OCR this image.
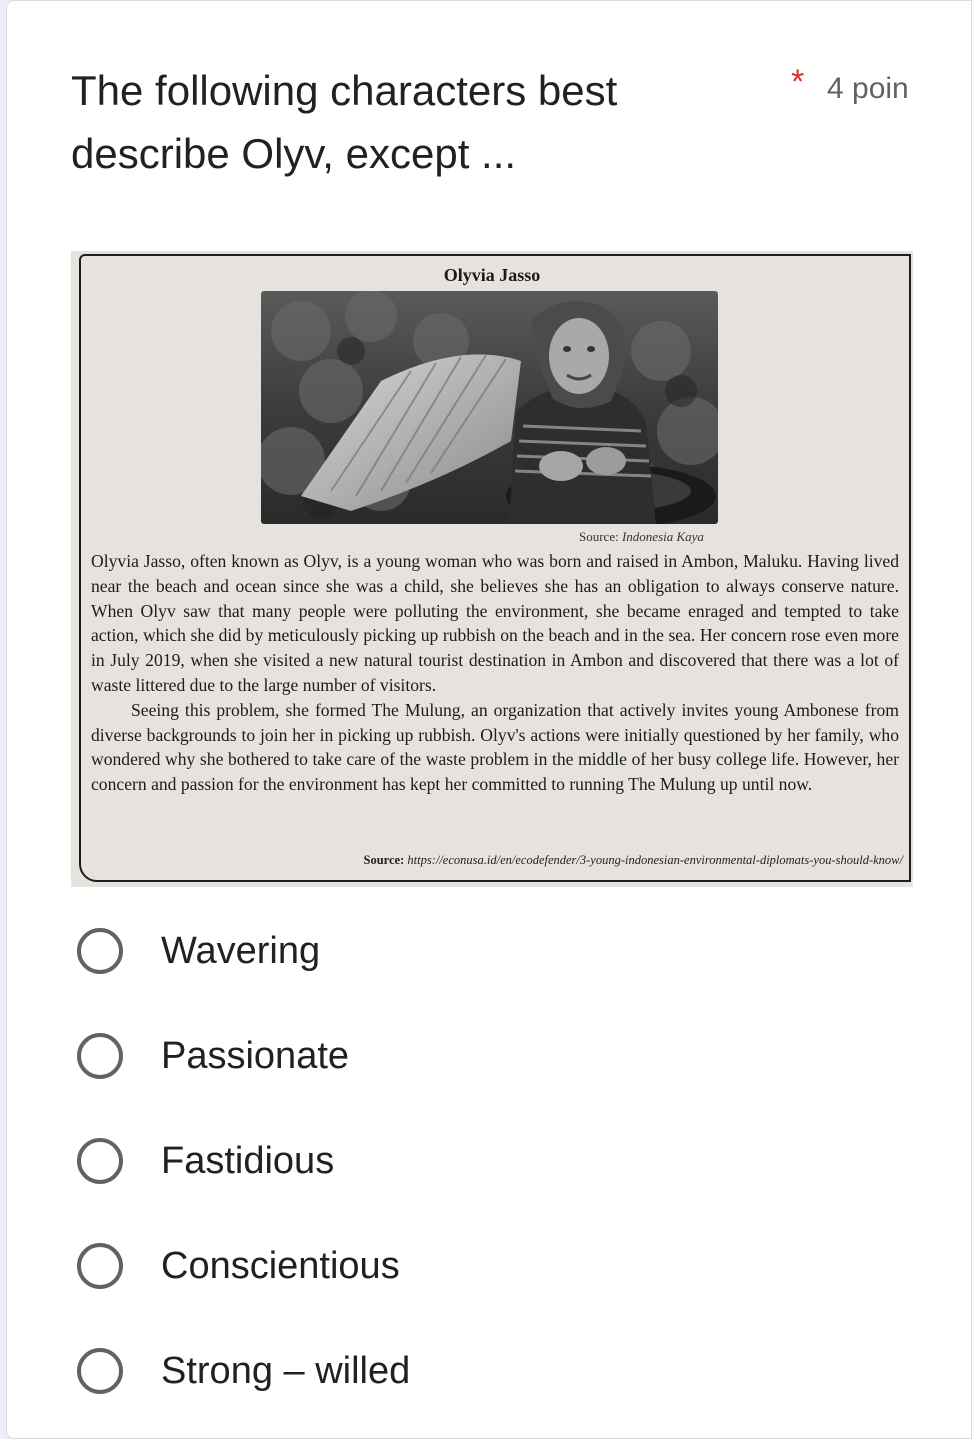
The following characters best describe Olyv, except ...
* 4 poin
Olyvia Jasso
Source: Indonesia Kaya

Olyvia Jasso, often known as Olyv, is a young woman who was born and raised in Ambon, Maluku. Having lived near the beach and ocean since she was a child, she believes she has an obligation to always conserve nature. When Olyv saw that many people were polluting the environment, she became enraged and tempted to take action, which she did by meticulously picking up rubbish on the beach and in the sea. Her concern rose even more in July 2019, when she visited a new natural tourist destination in Ambon and discovered that there was a lot of waste littered due to the large number of visitors.

Seeing this problem, she formed The Mulung, an organization that actively invites young Ambonese from diverse backgrounds to join her in picking up rubbish. Olyv's actions were initially questioned by her family, who wondered why she bothered to take care of the waste problem in the middle of her busy college life. However, her concern and passion for the environment has kept her committed to running The Mulung up until now.

Source: https://econusa.id/en/ecodefender/3-young-indonesian-environmental-diplomats-you-should-know/
Wavering
Passionate
Fastidious
Conscientious
Strong – willed
